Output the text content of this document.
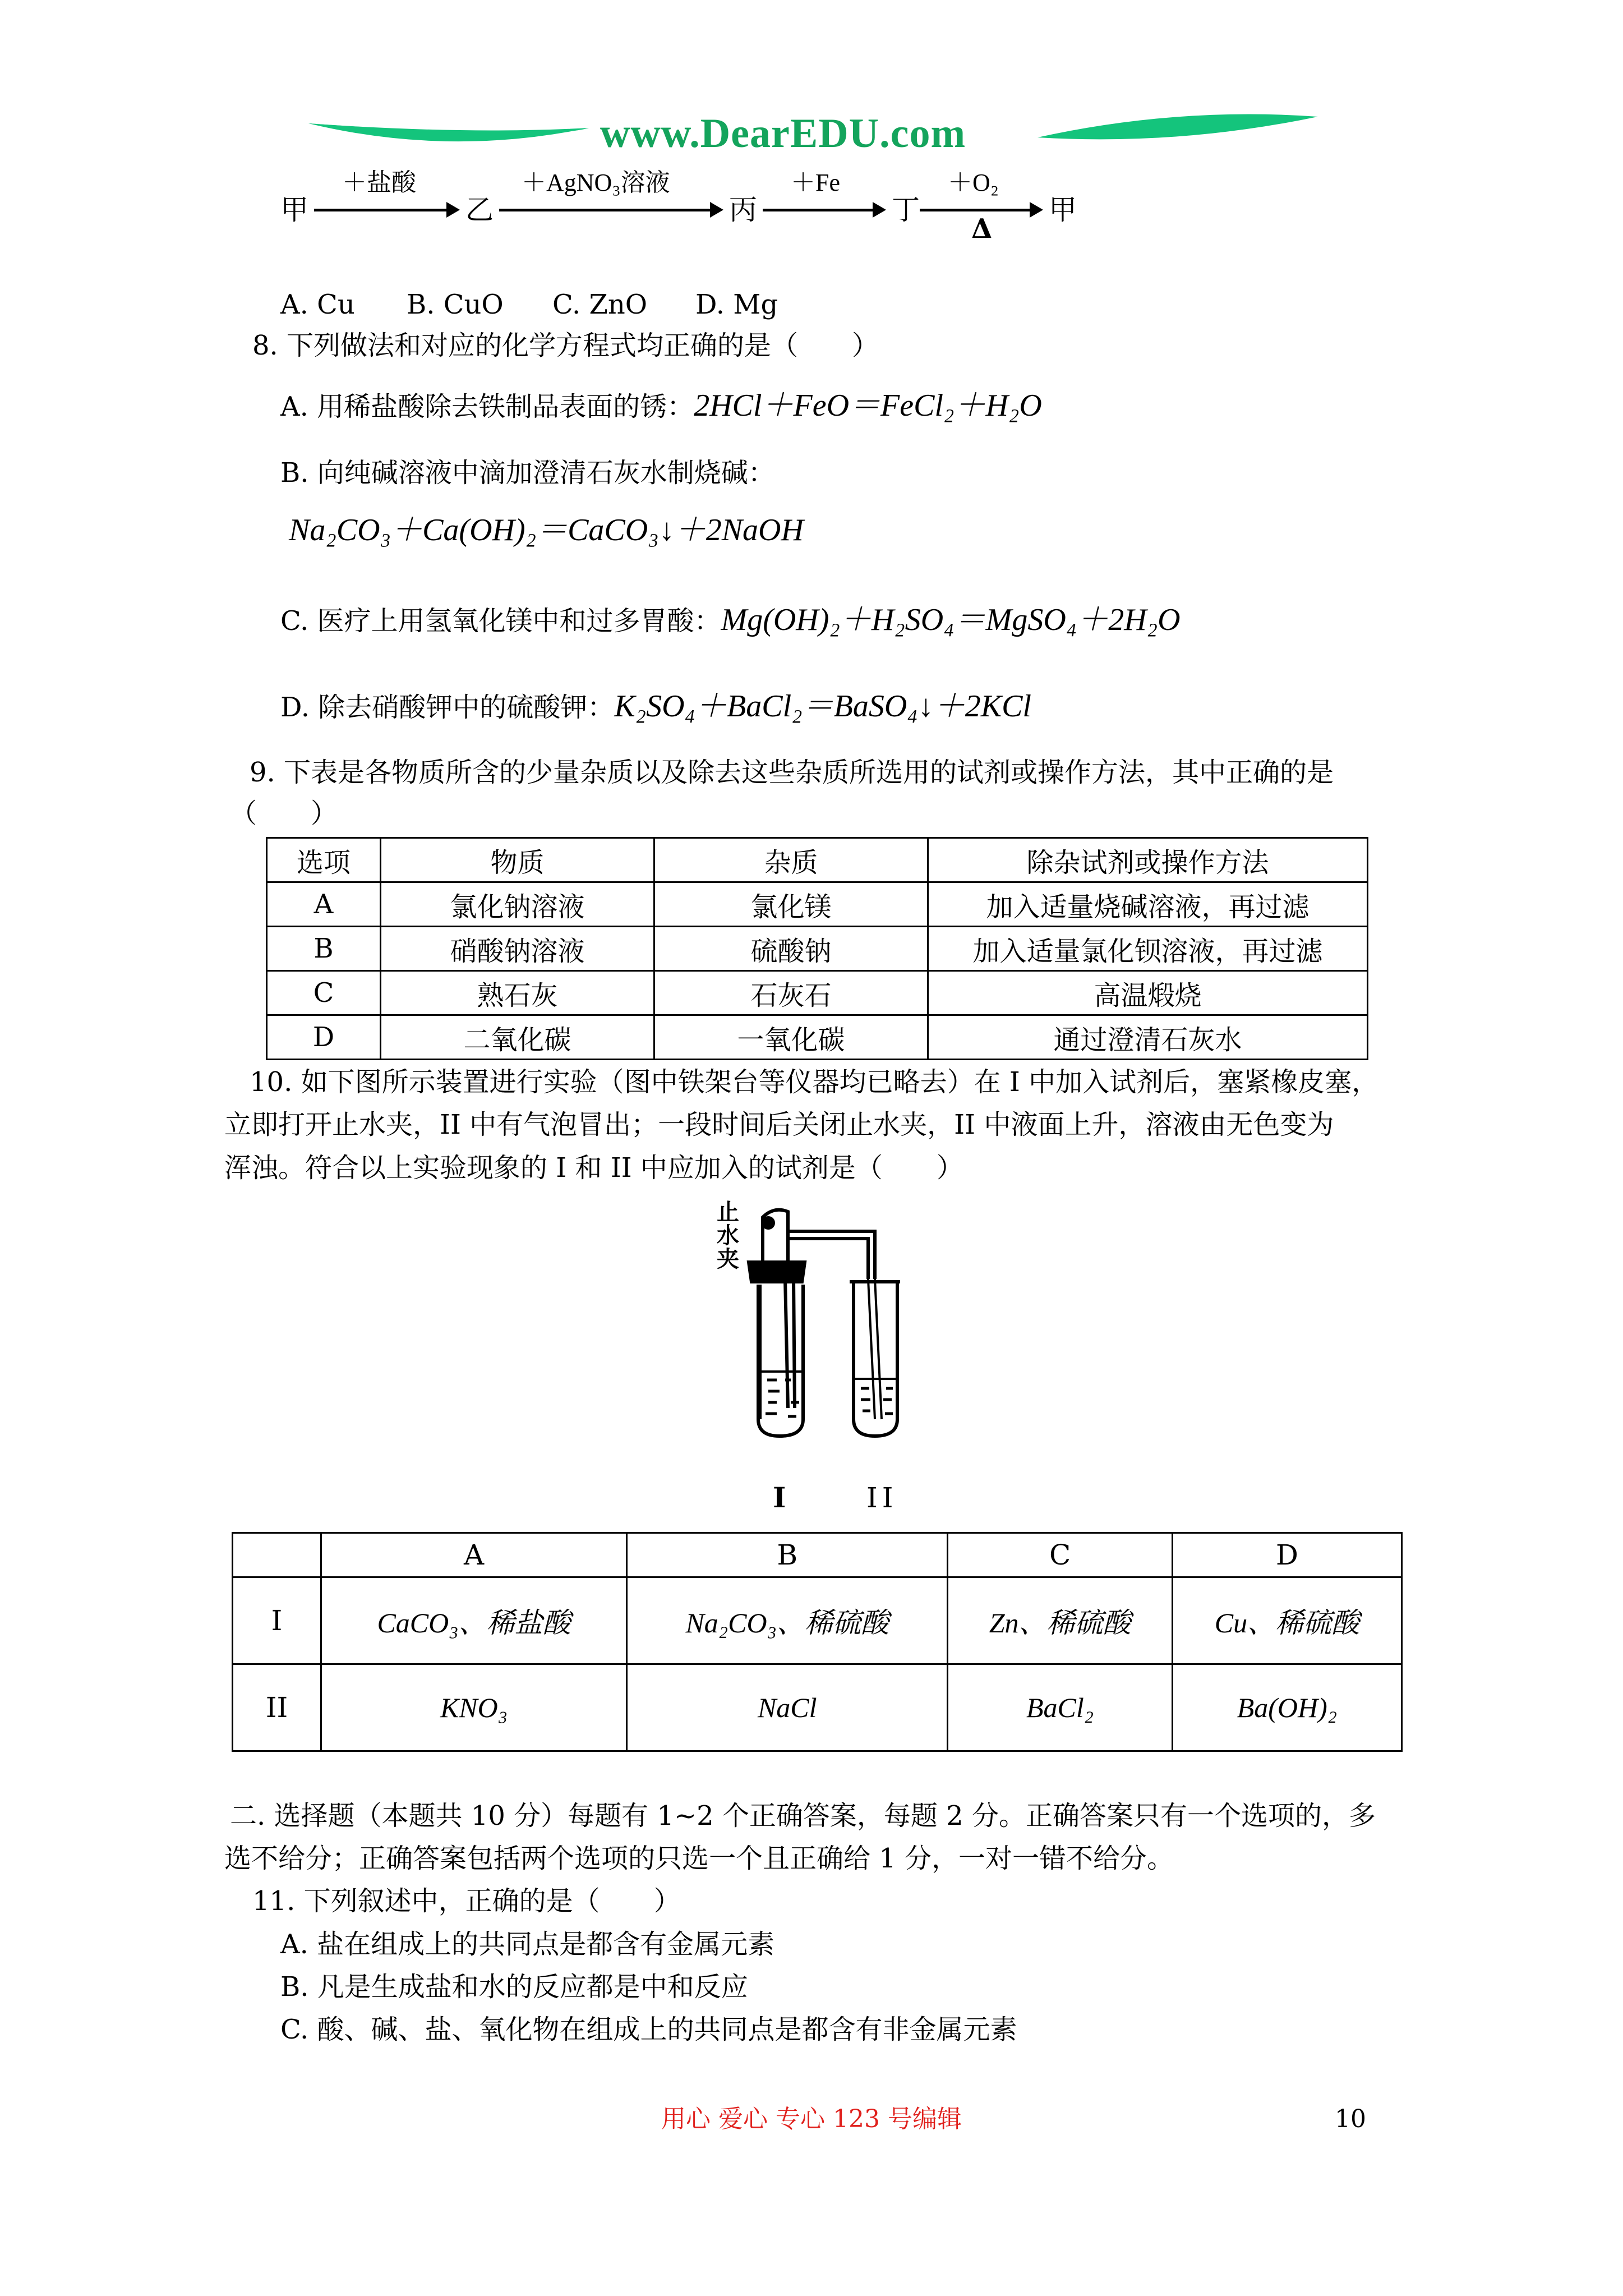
www.DearEDU.com
甲
＋盐酸
乙
＋AgNO₃溶液
丙
＋Fe
丁
＋O₂
Δ
甲
A. Cu B. CuO C. ZnO D. Mg
8. 下列做法和对应的化学方程式均正确的是（　　）
A. 用稀盐酸除去铁制品表面的锈：2HCl＋FeO＝FeCl₂＋H₂O
B. 向纯碱溶液中滴加澄清石灰水制烧碱：
Na₂CO₃＋Ca(OH)₂＝CaCO₃↓＋2NaOH
C. 医疗上用氢氧化镁中和过多胃酸：Mg(OH)₂＋H₂SO₄＝MgSO₄＋2H₂O
D. 除去硝酸钾中的硫酸钾：K₂SO₄＋BaCl₂＝BaSO₄↓＋2KCl
9. 下表是各物质所含的少量杂质以及除去这些杂质所选用的试剂或操作方法，其中正确的是
（　　）
选项	物质	杂质	除杂试剂或操作方法
A	氯化钠溶液	氯化镁	加入适量烧碱溶液，再过滤
B	硝酸钠溶液	硫酸钠	加入适量氯化钡溶液，再过滤
C	熟石灰	石灰石	高温煅烧
D	二氧化碳	一氧化碳	通过澄清石灰水
10. 如下图所示装置进行实验（图中铁架台等仪器均已略去）在 I 中加入试剂后，塞紧橡皮塞，
立即打开止水夹，II 中有气泡冒出；一段时间后关闭止水夹，II 中液面上升，溶液由无色变为
浑浊。符合以上实验现象的 I 和 II 中应加入的试剂是（　　）
止水夹
I	II
	A	B	C	D
I	CaCO₃、稀盐酸	Na₂CO₃、稀硫酸	Zn、稀硫酸	Cu、稀硫酸
II	KNO₃	NaCl	BaCl₂	Ba(OH)₂
二. 选择题（本题共 10 分）每题有 1~2 个正确答案，每题 2 分。正确答案只有一个选项的，多
选不给分；正确答案包括两个选项的只选一个且正确给 1 分，一对一错不给分。
11. 下列叙述中，正确的是（　　）
A. 盐在组成上的共同点是都含有金属元素
B. 凡是生成盐和水的反应都是中和反应
C. 酸、碱、盐、氧化物在组成上的共同点是都含有非金属元素
用心 爱心 专心 123 号编辑	10
